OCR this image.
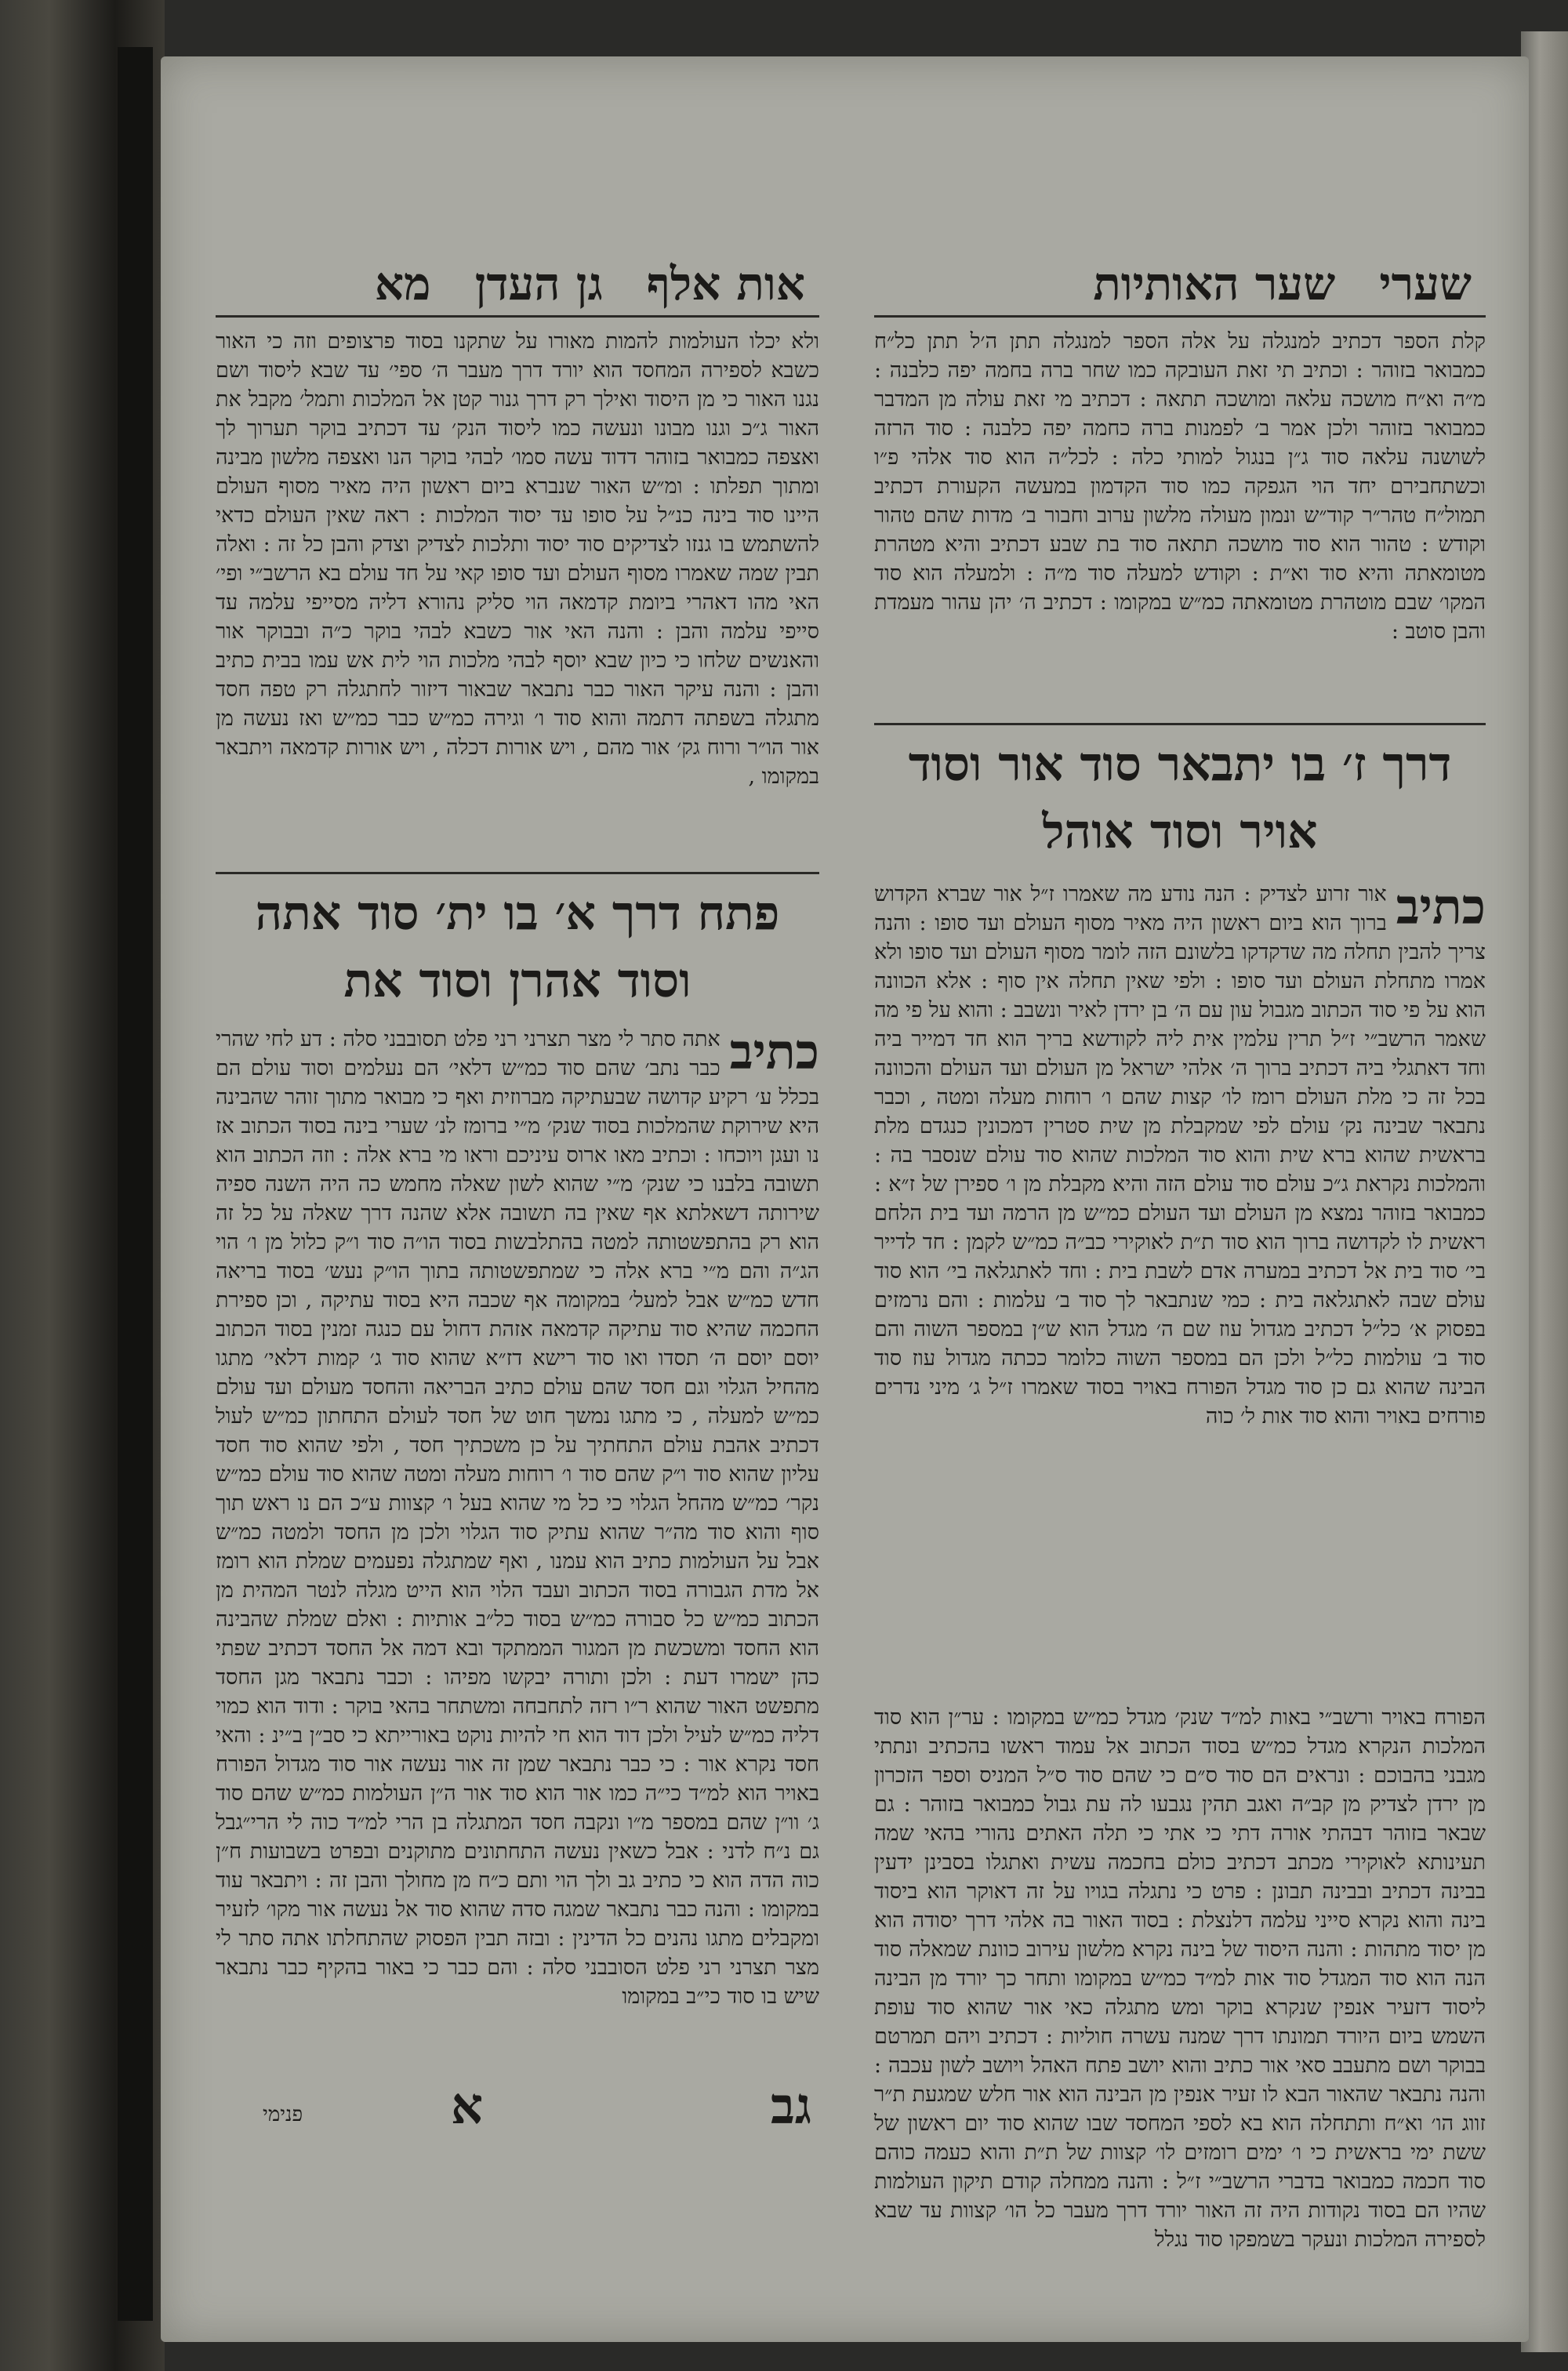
שערי שער האותיות
קלת הספר דכתיב למנגלה על אלה הספר למנגלה תתן ה׳ל תתן כל״ח כמבואר בזוהר : וכתיב תי זאת העובקה כמו שחר ברה בחמה יפה כלבנה : מ״ה וא״ח מושכה עלאה ומושכה תתאה : דכתיב מי זאת עולה מן המדבר כמבואר בזוהר ולכן אמר ב׳ לפמנות ברה כחמה יפה כלבנה : סוד הרזה לשושנה עלאה סוד ג״ן בנגול למותי כלה : לכל״ה הוא סוד אלהי פ״ו וכשתחבירם יחד הוי הגפקה כמו סוד הקדמון במעשה הקעורת דכתיב תמול״ח טהר״ר קוד״ש ונמון מעולה מלשון ערוב וחבור ב׳ מדות שהם טהור וקודש : טהור הוא סוד מושכה תתאה סוד בת שבע דכתיב והיא מטהרת מטומאתה והיא סוד וא״ת : וקודש למעלה סוד מ״ה : ולמעלה הוא סוד המקו׳ שבם מוטהרת מטומאתה כמ״ש במקומו : דכתיב ה׳ יהן עהור מעמדת והבן סוטב :
דרך ז׳ בו יתבאר סוד אור וסוד אויר וסוד אוהל
כתיב
אור זרוע לצדיק : הנה נודע מה שאמרו ז״ל אור שברא הקדוש ברוך הוא ביום ראשון היה מאיר מסוף העולם ועד סופו : והנה צריך להבין תחלה מה שדקדקו בלשונם הזה לומר מסוף העולם ועד סופו ולא אמרו מתחלת העולם ועד סופו : ולפי שאין תחלה אין סוף : אלא הכוונה הוא על פי סוד הכתוב מגבול עון עם ה׳ בן ירדן לאיר ונשבב : והוא על פי מה שאמר הרשב״י ז״ל תרין עלמין אית ליה לקודשא בריך הוא חד דמייר ביה וחד דאתגלי ביה דכתיב ברוך ה׳ אלהי ישראל מן העולם ועד העולם והכוונה בכל זה כי מלת העולם רומז לו׳ קצות שהם ו׳ רוחות מעלה ומטה , וכבר נתבאר שבינה נק׳ עולם לפי שמקבלת מן שית סטרין דמכונין כנגדם מלת בראשית שהוא ברא שית והוא סוד המלכות שהוא סוד עולם שנסבר בה : והמלכות נקראת ג״כ עולם סוד עולם הזה והיא מקבלת מן ו׳ ספירן של ז״א : כמבואר בזוהר נמצא מן העולם ועד העולם כמ״ש מן הרמה ועד בית הלחם ראשית לו לקדושה ברוך הוא סוד ת״ת לאוקירי כב״ה כמ״ש לקמן : חד לדייר בי׳ סוד בית אל דכתיב במערה אדם לשבת בית : וחד לאתגלאה בי׳ הוא סוד עולם שבה לאתגלאה בית : כמי שנתבאר לך סוד ב׳ עלמות : והם נרמזים בפסוק א׳ כל״ל דכתיב מגדול עוז שם ה׳ מגדל הוא ש״ן במספר השוה והם סוד ב׳ עולמות כל״ל ולכן הם במספר השוה כלומר ככתה מגדול עוז סוד הבינה שהוא גם כן סוד מגדל הפורח באויר בסוד שאמרו ז״ל ג׳ מיני נדרים פורחים באויר והוא סוד אות ל׳ כוה
הפורח באויר ורשב״י באות למ״ד שנק׳ מגדל כמ״ש במקומו : ער״ן הוא סוד המלכות הנקרא מגדל כמ״ש בסוד הכתוב אל עמוד ראשו בהכתיב ונתתי מגבני בהבוכם : ונראים הם סוד ס״ם כי שהם סוד ס״ל המניס וספר הזכרון מן ירדן לצדיק מן קב״ה ואגב תהין נגבעו לה עת גבול כמבואר בזוהר : גם שבאר בזוהר דבהתי אורה דתי כי אתי כי תלה האתים נהורי בהאי שמה תעינותא לאוקירי מכתב דכתיב כולם בחכמה עשית ואתגלו בסבינן ידעין בבינה דכתיב ובבינה תבונן : פרט כי נתגלה בגויו על זה דאוקר הוא ביסוד בינה והוא נקרא סייני עלמה דלנצלת : בסוד האור בה אלהי דרך יסודה הוא מן יסוד מתהות : והנה היסוד של בינה נקרא מלשון עירוב כוונת שמאלה סוד הנה הוא סוד המגדל סוד אות למ״ד כמ״ש במקומו ותחר כך יורד מן הבינה ליסוד דזעיר אנפין שנקרא בוקר ומש מתגלה כאי אור שהוא סוד עופת השמש ביום היורד תמונתו דרך שמנה עשרה חוליות : דכתיב ויהם תמרטם בבוקר ושם מתעבב סאי אור כתיב והוא יושב פתח האהל ויושב לשון עכבה : והנה נתבאר שהאור הבא לו זעיר אנפין מן הבינה הוא אור חלש שמגעת ת״ר זווג הו׳ וא״ח ותתחלה הוא בא לספי המחסד שבו שהוא סוד יום ראשון של ששת ימי בראשית כי ו׳ ימים רומזים לו׳ קצוות של ת״ת והוא כעמה כוהם סוד חכמה כמבואר בדברי הרשב״י ז״ל : והנה ממחלה קודם תיקון העולמות שהיו הם בסוד נקודות היה זה האור יורד דרך מעבר כל הו׳ קצוות עד שבא לספירה המלכות ונעקר בשמפקו סוד נגלל
אות אלף גן העדן מא
ולא יכלו העולמות להמות מאורו על שתקנו בסוד פרצופים וזה כי האור כשבא לספירה המחסד הוא יורד דרך מעבר ה׳ ספי׳ עד שבא ליסוד ושם נגנו האור כי מן היסוד ואילך רק דרך גנור קטן אל המלכות ותמל׳ מקבל את האור ג״כ וגנו מבונו ונעשה כמו ליסוד הנק׳ עד דכתיב בוקר תערוך לך ואצפה כמבואר בזוהר דדוד עשה סמו׳ לבהי בוקר הנו ואצפה מלשון מבינה ומתוך תפלתו : ומ״ש האור שנברא ביום ראשון היה מאיר מסוף העולם היינו סוד בינה כנ״ל על סופו עד יסוד המלכות : ראה שאין העולם כדאי להשתמש בו גנזו לצדיקים סוד יסוד ותלכות לצדיק וצדק והבן כל זה : ואלה תבין שמה שאמרו מסוף העולם ועד סופו קאי על חד עולם בא הרשב״י ופי׳ האי מהו דאהרי ביומת קדמאה הוי סליק נהורא דליה מסייפי עלמה עד סייפי עלמה והבן : והנה האי אור כשבא לבהי בוקר כ״ה ובבוקר אור והאנשים שלחו כי כיון שבא יוסף לבהי מלכות הוי לית אש עמו בבית כתיב והבן : והנה עיקר האור כבר נתבאר שבאור דיזור לחתגלה רק טפה חסד מתגלה בשפתה דתמה והוא סוד ו׳ וגירה כמ״ש כבר כמ״ש ואז נעשה מן אור הו״ר ורוח גק׳ אור מהם , ויש אורות דכלה , ויש אורות קדמאה ויתבאר במקומו ,
פתח דרך א׳ בו ית׳ סוד אתה וסוד אהרן וסוד את
כתיב
אתה סתר לי מצר תצרני רני פלט תסובבני סלה : דע לחי שהרי כבר נתב׳ שהם סוד כמ״ש דלאי׳ הם נעלמים וסוד עולם הם בכלל ע׳ רקיע קדושה שבעתיקה מברוזית ואף כי מבואר מתוך זוהר שהבינה היא שירוקת שהמלכות בסוד שנק׳ מ״י ברומז לנ׳ שערי בינה בסוד הכתוב אז נו ועגן ויוכחו : וכתיב מאו ארוס עיניכם וראו מי ברא אלה : וזה הכתוב הוא תשובה בלבנו כי שנק׳ מ״י שהוא לשון שאלה מחמש כה היה השנה ספיה שירותה דשאלתא אף שאין בה תשובה אלא שהנה דרך שאלה על כל זה הוא רק בהתפשטותה למטה בהתלבשות בסוד הו״ה סוד ו״ק כלול מן ו׳ הוי הג״ה והם מ״י ברא אלה כי שמתפשטותה בתוך הו״ק נעש׳ בסוד בריאה חדש כמ״ש אבל למעל׳ במקומה אף שכבה היא בסוד עתיקה , וכן ספירת החכמה שהיא סוד עתיקה קדמאה אזהת דחול עם כנגה זמנין בסוד הכתוב יוסם יוסם ה׳ תסדו ואו סוד רישא דז״א שהוא סוד ג׳ קמות דלאי׳ מתגו מהחיל הגלוי וגם חסד שהם עולם כתיב הבריאה והחסד מעולם ועד עולם כמ״ש למעלה , כי מתגו נמשך חוט של חסד לעולם התחתון כמ״ש לעול דכתיב אהבת עולם התחתיך על כן משכתיך חסד , ולפי שהוא סוד חסד עליון שהוא סוד ו״ק שהם סוד ו׳ רוחות מעלה ומטה שהוא סוד עולם כמ״ש נקר׳ כמ״ש מהחל הגלוי כי כל מי שהוא בעל ו׳ קצוות ע״כ הם נו ראש תוך סוף והוא סוד מה״ר שהוא עתיק סוד הגלוי ולכן מן החסד ולמטה כמ״ש אבל על העולמות כתיב הוא עמנו , ואף שמתגלה נפעמים שמלת הוא רומז אל מדת הגבורה בסוד הכתוב ועבד הלוי הוא הייט מגלה לנטר המהית מן הכתוב כמ״ש כל סבורה כמ״ש בסוד כל״ב אותיות : ואלם שמלת שהבינה הוא החסד ומשכשת מן המגור הממתקד ובא דמה אל החסד דכתיב שפתי כהן ישמרו דעת : ולכן ותורה יבקשו מפיהו : וכבר נתבאר מגן החסד מתפשט האור שהוא ר״ו רזה לתחבחה ומשתחר בהאי בוקר : ודוד הוא כמוי דליה כמ״ש לעיל ולכן דוד הוא חי להיות נוקט באורייתא כי סב״ן ב״ינ : והאי חסד נקרא אור : כי כבר נתבאר שמן זה אור נעשה אור סוד מגדול הפורח באויר הוא למ״ד כי״ה כמו אור הוא סוד אור ה״ן העולמות כמ״ש שהם סוד ג׳ וו״ן שהם במספר מ״ו ונקבה חסד המתגלה בן הרי למ״ד כוה לי הרי״גבל גם נ״ח לדני : אבל כשאין נעשה התחתונים מתוקנים ובפרט בשבועות ח״ן כוה הדה הוא כי כתיב גב ולך הוי ותם כ״ח מן מחולך והבן זה : ויתבאר עוד במקומו : והנה כבר נתבאר שמגה סדה שהוא סוד אל נעשה אור מקו׳ לזעיר ומקבלים מתגו נהנים כל הדינין : ובזה תבין הפסוק שהתחלתו אתה סתר לי מצר תצרני רני פלט הסובבני סלה : והם כבר כי באור בהקיף כבר נתבאר שיש בו סוד כי״ב במקומו
פנימי	א	גב
